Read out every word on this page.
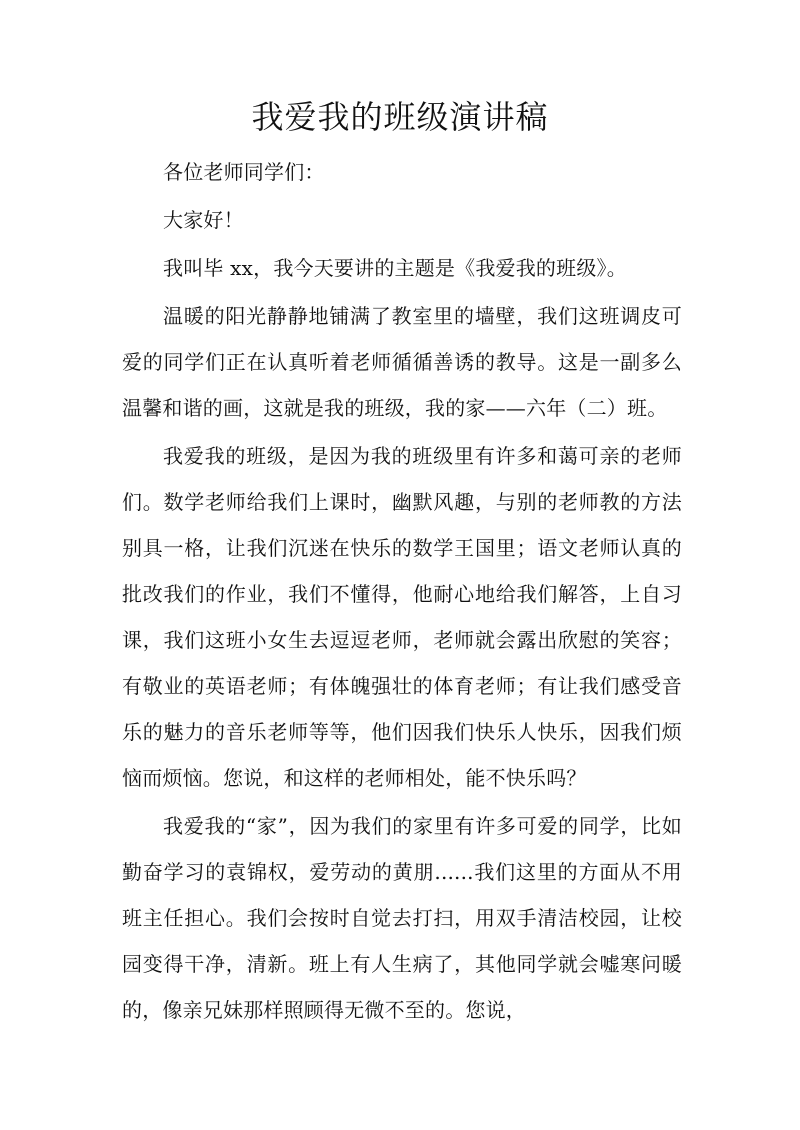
我爱我的班级演讲稿

各位老师同学们：

大家好！

我叫毕 xx，我今天要讲的主题是《我爱我的班级》。

温暖的阳光静静地铺满了教室里的墙壁，我们这班调皮可爱的同学们正在认真听着老师循循善诱的教导。这是一副多么温馨和谐的画，这就是我的班级，我的家——六年（二）班。

我爱我的班级，是因为我的班级里有许多和蔼可亲的老师们。数学老师给我们上课时，幽默风趣，与别的老师教的方法别具一格，让我们沉迷在快乐的数学王国里；语文老师认真的批改我们的作业，我们不懂得，他耐心地给我们解答，上自习课，我们这班小女生去逗逗老师，老师就会露出欣慰的笑容；有敬业的英语老师；有体魄强壮的体育老师；有让我们感受音乐的魅力的音乐老师等等，他们因我们快乐人快乐，因我们烦恼而烦恼。您说，和这样的老师相处，能不快乐吗？

我爱我的“家”，因为我们的家里有许多可爱的同学，比如勤奋学习的袁锦权，爱劳动的黄朋......我们这里的方面从不用班主任担心。我们会按时自觉去打扫，用双手清洁校园，让校园变得干净，清新。班上有人生病了，其他同学就会嘘寒问暖的，像亲兄妹那样照顾得无微不至的。您说，
